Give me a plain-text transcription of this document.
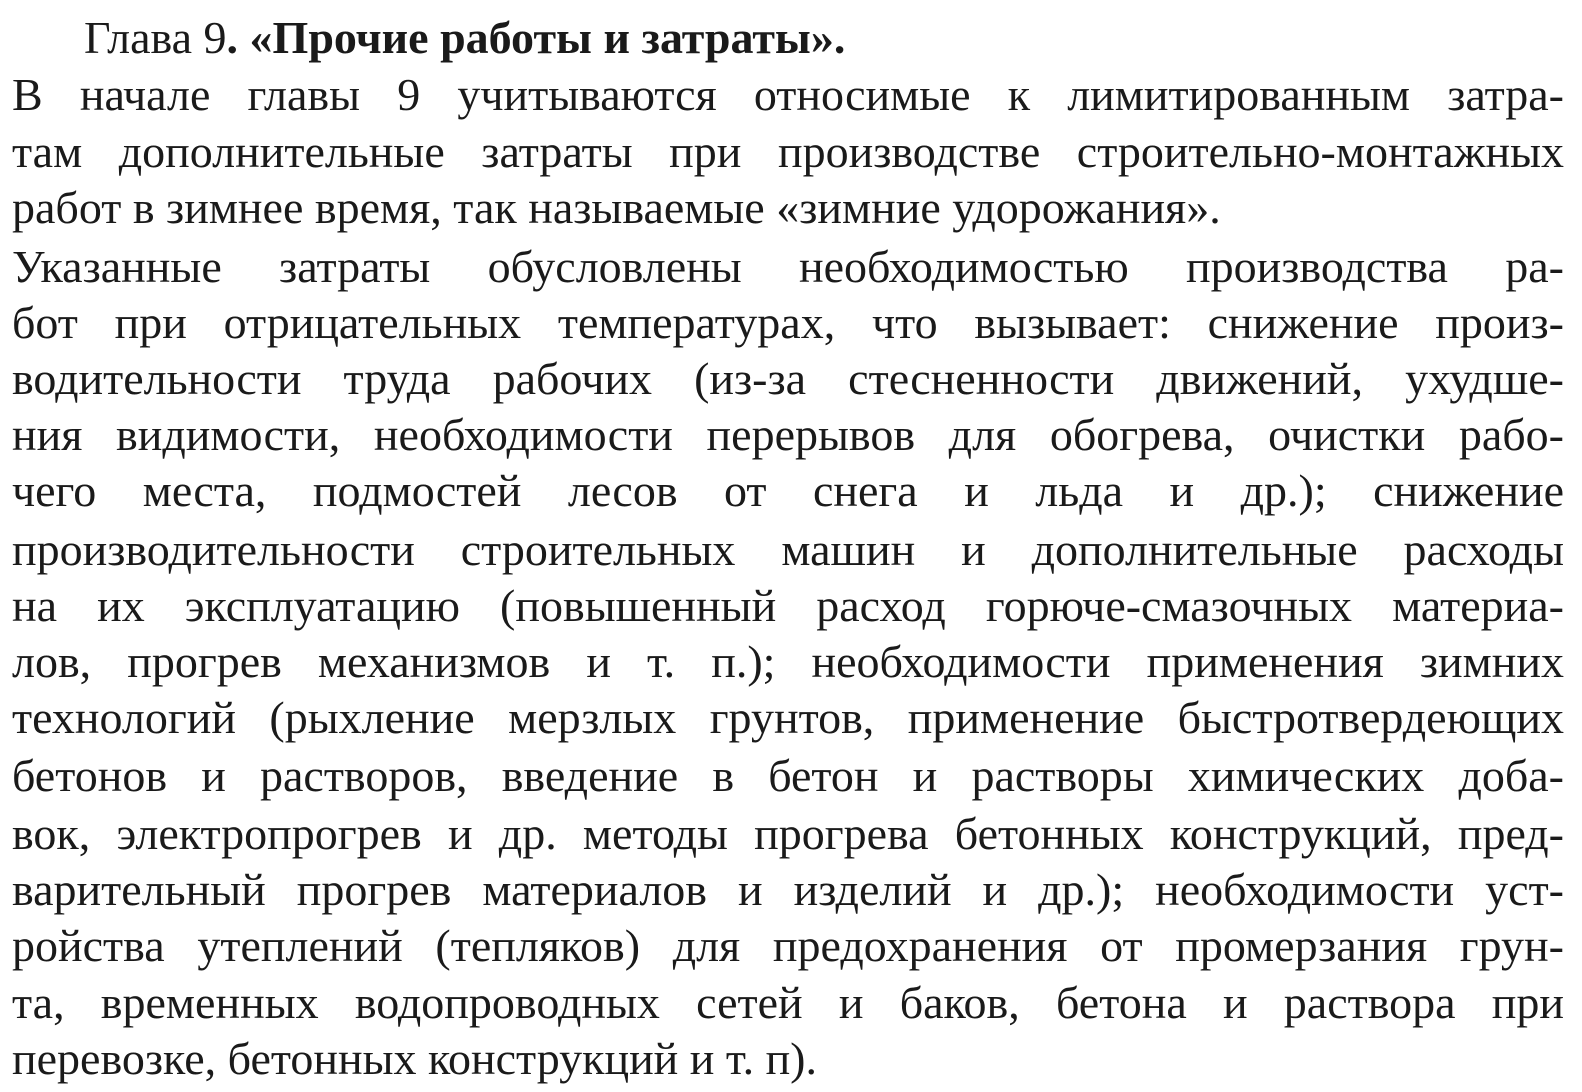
Глава 9. «Прочие работы и затраты».
В начале главы 9 учитываются относимые к лимитированным затра-
там дополнительные затраты при производстве строительно-монтажных
работ в зимнее время, так называемые «зимние удорожания».
Указанные затраты обусловлены необходимостью производства ра-
бот при отрицательных температурах, что вызывает: снижение произ-
водительности труда рабочих (из-за стесненности движений, ухудше-
ния видимости, необходимости перерывов для обогрева, очистки рабо-
чего места, подмостей лесов от снега и льда и др.); снижение
производительности строительных машин и дополнительные расходы
на их эксплуатацию (повышенный расход горюче-смазочных материа-
лов, прогрев механизмов и т. п.); необходимости применения зимних
технологий (рыхление мерзлых грунтов, применение быстротвердеющих
бетонов и растворов, введение в бетон и растворы химических доба-
вок, электропрогрев и др. методы прогрева бетонных конструкций, пред-
варительный прогрев материалов и изделий и др.); необходимости уст-
ройства утеплений (тепляков) для предохранения от промерзания грун-
та, временных водопроводных сетей и баков, бетона и раствора при
перевозке, бетонных конструкций и т. п).
